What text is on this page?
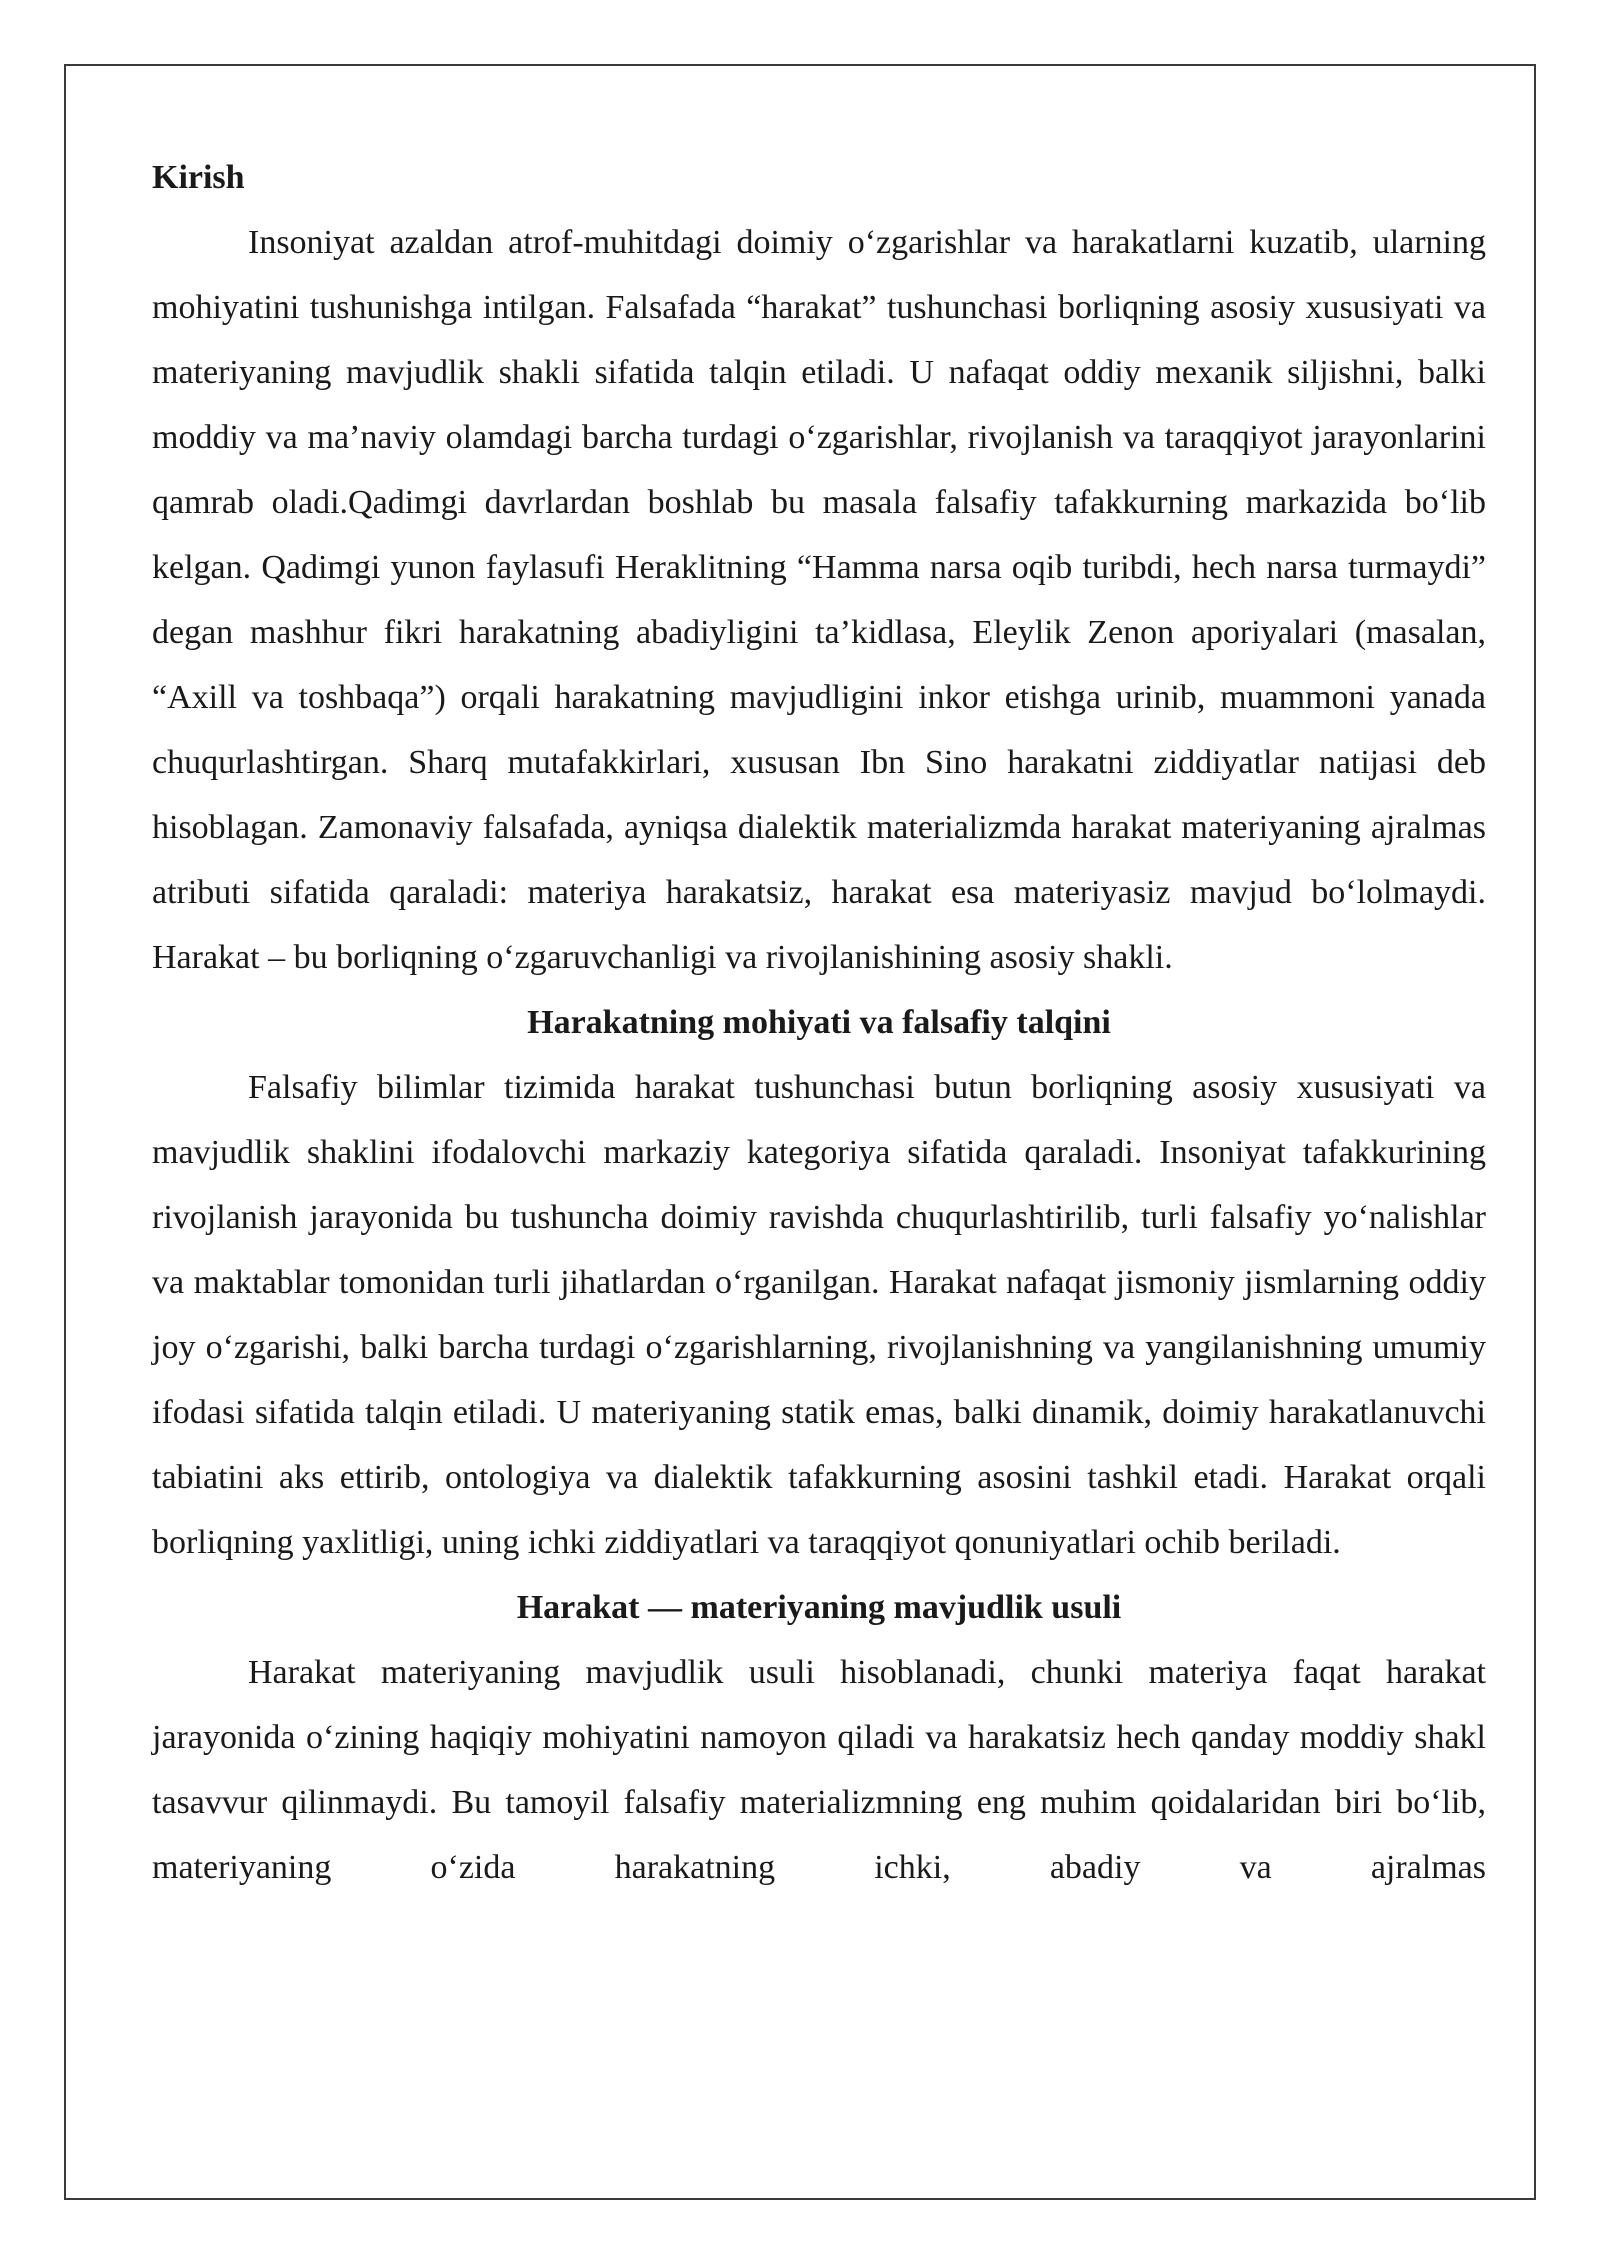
Kirish

Insoniyat azaldan atrof-muhitdagi doimiy o‘zgarishlar va harakatlarni kuzatib, ularning mohiyatini tushunishga intilgan. Falsafada “harakat” tushunchasi borliqning asosiy xususiyati va materiyaning mavjudlik shakli sifatida talqin etiladi. U nafaqat oddiy mexanik siljishni, balki moddiy va ma’naviy olamdagi barcha turdagi o‘zgarishlar, rivojlanish va taraqqiyot jarayonlarini qamrab oladi.Qadimgi davrlardan boshlab bu masala falsafiy tafakkurning markazida bo‘lib kelgan. Qadimgi yunon faylasufi Heraklitning “Hamma narsa oqib turibdi, hech narsa turmaydi” degan mashhur fikri harakatning abadiyligini ta’kidlasa, Eleylik Zenon aporiyalari (masalan, “Axill va toshbaqa”) orqali harakatning mavjudligini inkor etishga urinib, muammoni yanada chuqurlashtirgan. Sharq mutafakkirlari, xususan Ibn Sino harakatni ziddiyatlar natijasi deb hisoblagan. Zamonaviy falsafada, ayniqsa dialektik materializmda harakat materiyaning ajralmas atributi sifatida qaraladi: materiya harakatsiz, harakat esa materiyasiz mavjud bo‘lolmaydi. Harakat – bu borliqning o‘zgaruvchanligi va rivojlanishining asosiy shakli.

Harakatning mohiyati va falsafiy talqini

Falsafiy bilimlar tizimida harakat tushunchasi butun borliqning asosiy xususiyati va mavjudlik shaklini ifodalovchi markaziy kategoriya sifatida qaraladi. Insoniyat tafakkurining rivojlanish jarayonida bu tushuncha doimiy ravishda chuqurlashtirilib, turli falsafiy yo‘nalishlar va maktablar tomonidan turli jihatlardan o‘rganilgan. Harakat nafaqat jismoniy jismlarning oddiy joy o‘zgarishi, balki barcha turdagi o‘zgarishlarning, rivojlanishning va yangilanishning umumiy ifodasi sifatida talqin etiladi. U materiyaning statik emas, balki dinamik, doimiy harakatlanuvchi tabiatini aks ettirib, ontologiya va dialektik tafakkurning asosini tashkil etadi. Harakat orqali borliqning yaxlitligi, uning ichki ziddiyatlari va taraqqiyot qonuniyatlari ochib beriladi.

Harakat — materiyaning mavjudlik usuli

Harakat materiyaning mavjudlik usuli hisoblanadi, chunki materiya faqat harakat jarayonida o‘zining haqiqiy mohiyatini namoyon qiladi va harakatsiz hech qanday moddiy shakl tasavvur qilinmaydi. Bu tamoyil falsafiy materializmning eng muhim qoidalaridan biri bo‘lib, materiyaning o‘zida harakatning ichki, abadiy va ajralmas
